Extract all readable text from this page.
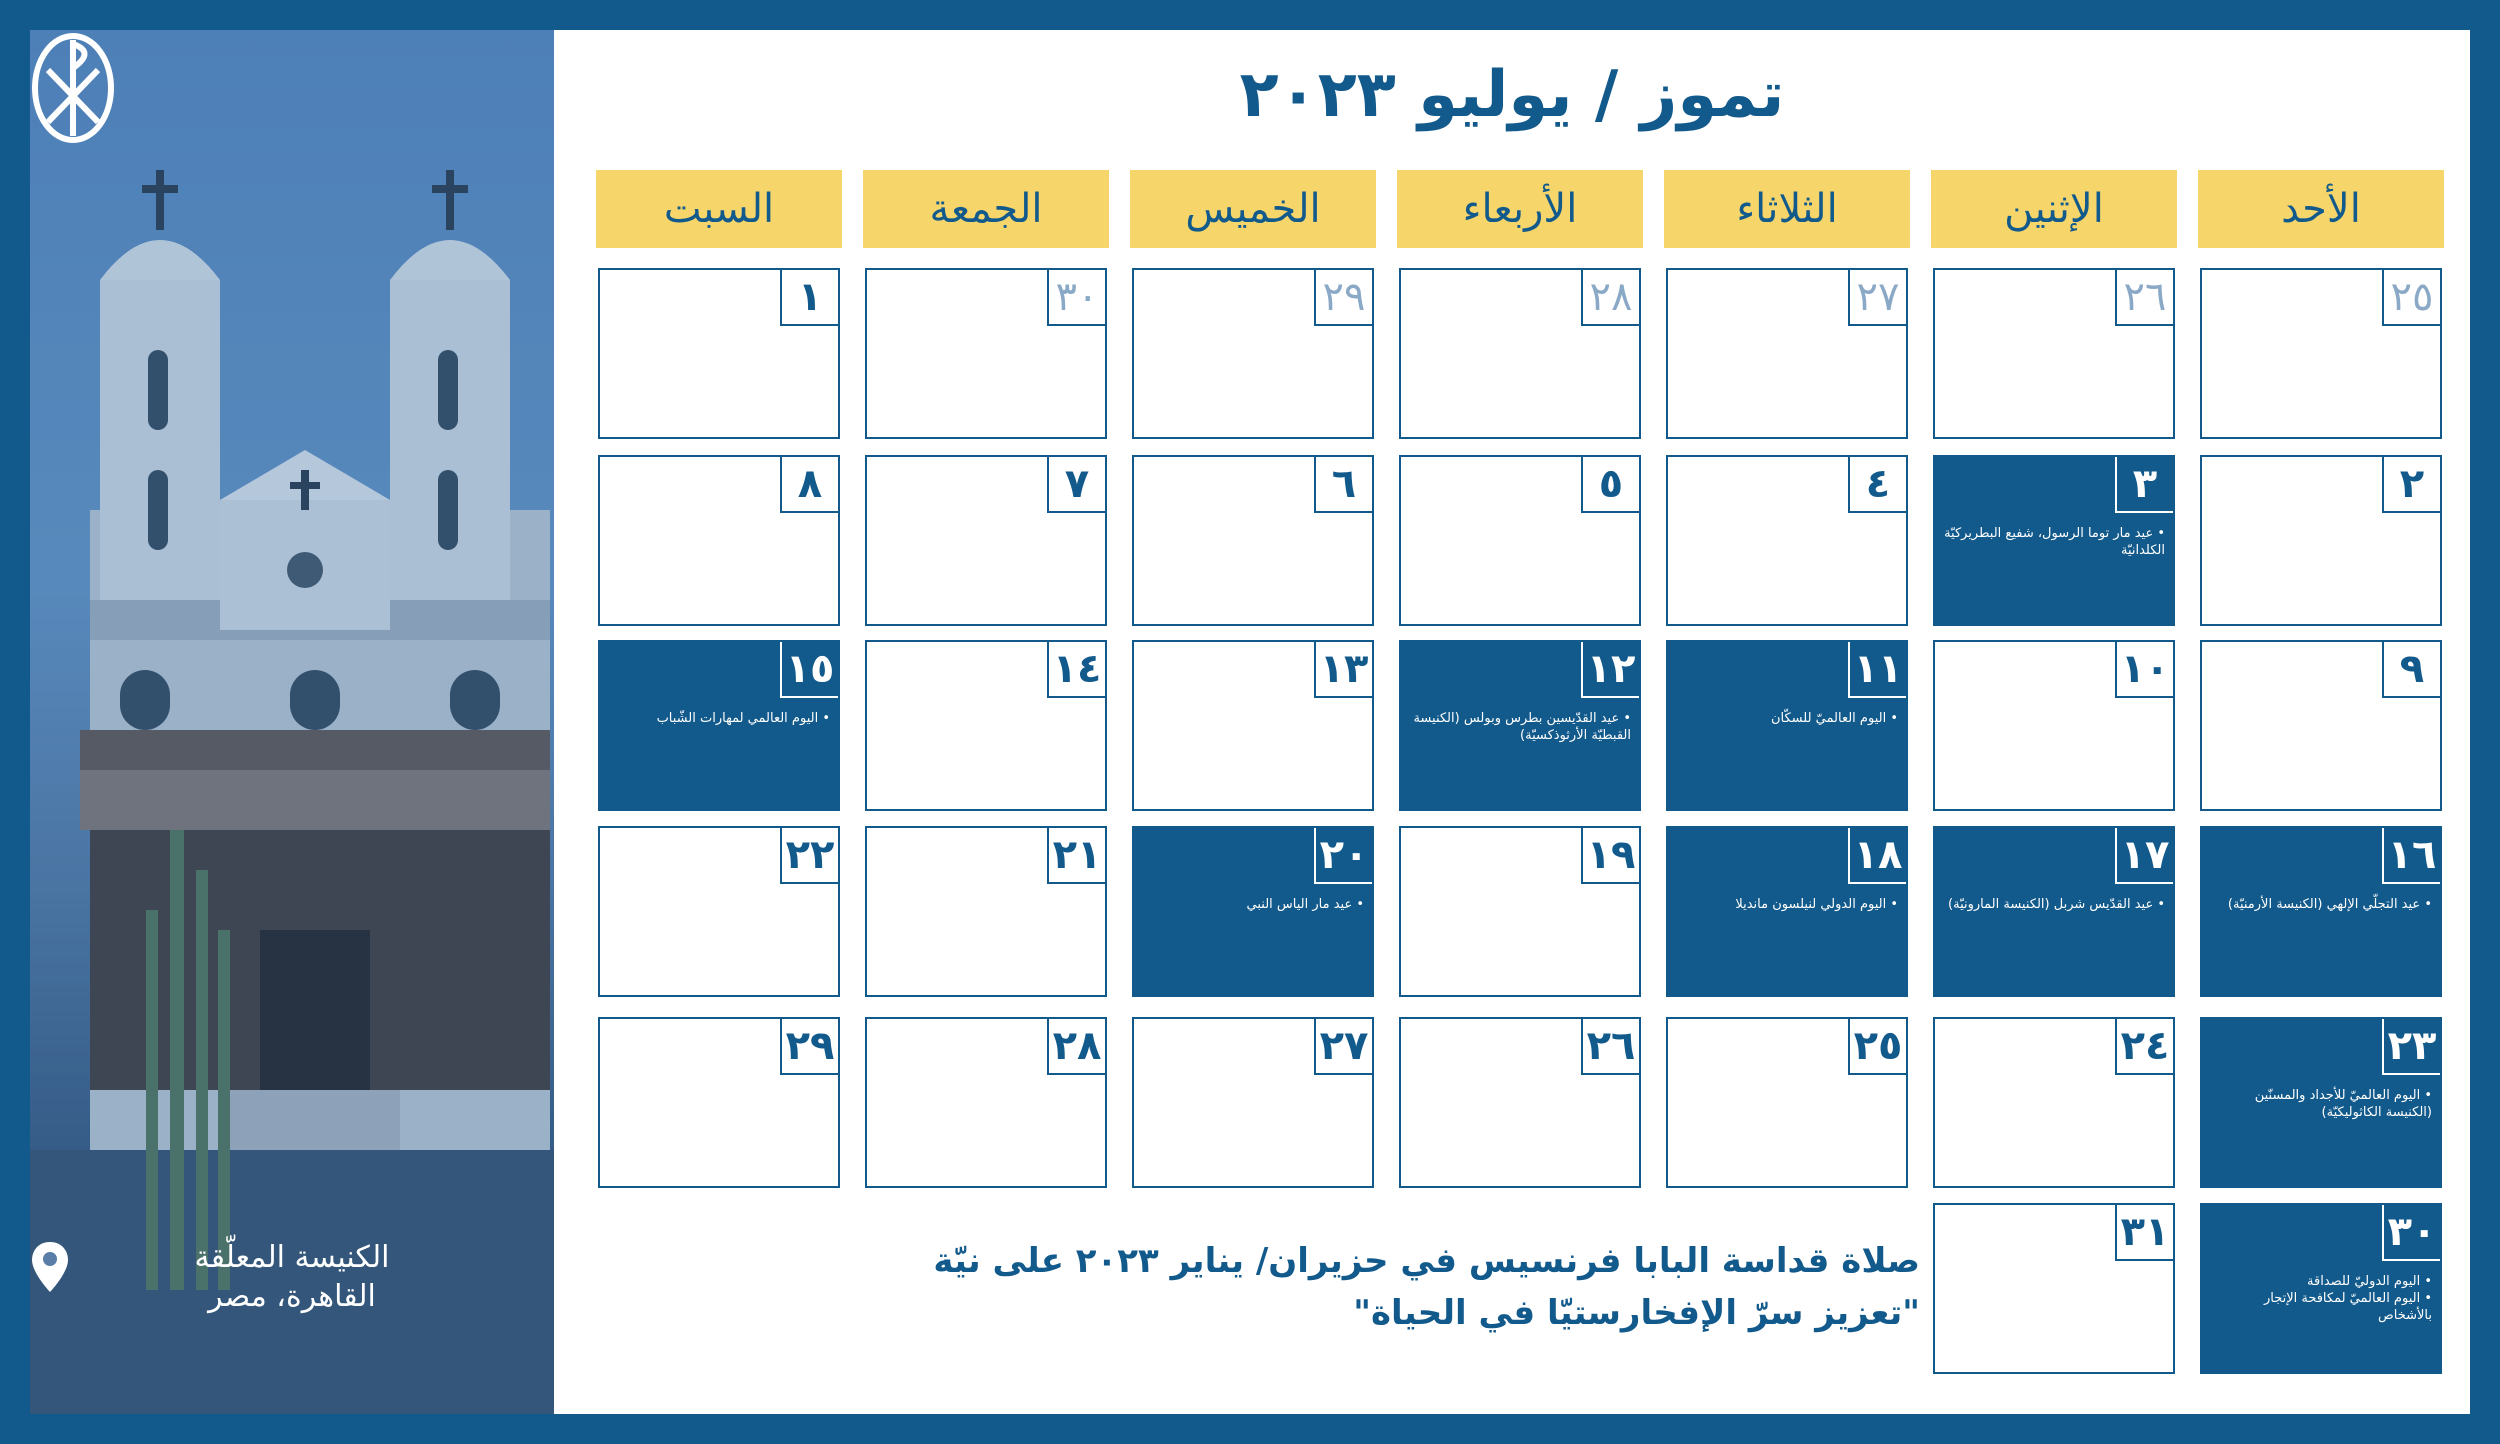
الكنيسة المعلّقة
القاهرة، مصر
تموز / يوليو ٢٠٢٣
الأحد
الإثنين
الثلاثاء
الأربعاء
الخميس
الجمعة
السبت
٢٥
٢٦
٢٧
٢٨
٢٩
٣٠
١
٢
٣
• عيد مار توما الرسول، شفيع البطريركيّة الكلدانيّة
٤
٥
٦
٧
٨
٩
١٠
١١
• اليوم العالميّ للسكّان
١٢
• عيد القدّيسين بطرس وبولس (الكنيسة القبطيّة الأرثوذكسيّة)
١٣
١٤
١٥
• اليوم العالمي لمهارات الشّباب
١٦
• عيد التجلّي الإلهي (الكنيسة الأرمنيّة)
١٧
• عيد القدّيس شربل (الكنيسة المارونيّة)
١٨
• اليوم الدولي لنيلسون مانديلا
١٩
٢٠
• عيد مار الياس النبي
٢١
٢٢
٢٣
• اليوم العالميّ للأجداد والمسنّين (الكنيسة الكاثوليكيّة)
٢٤
٢٥
٢٦
٢٧
٢٨
٢٩
٣٠
• اليوم الدوليّ للصداقة
• اليوم العالميّ لمكافحة الإتجار بالأشخاص
٣١
صلاة قداسة البابا فرنسيس في حزيران/ يناير ٢٠٢٣ على نيّة
"تعزيز سرّ الإفخارستيّا في الحياة"
